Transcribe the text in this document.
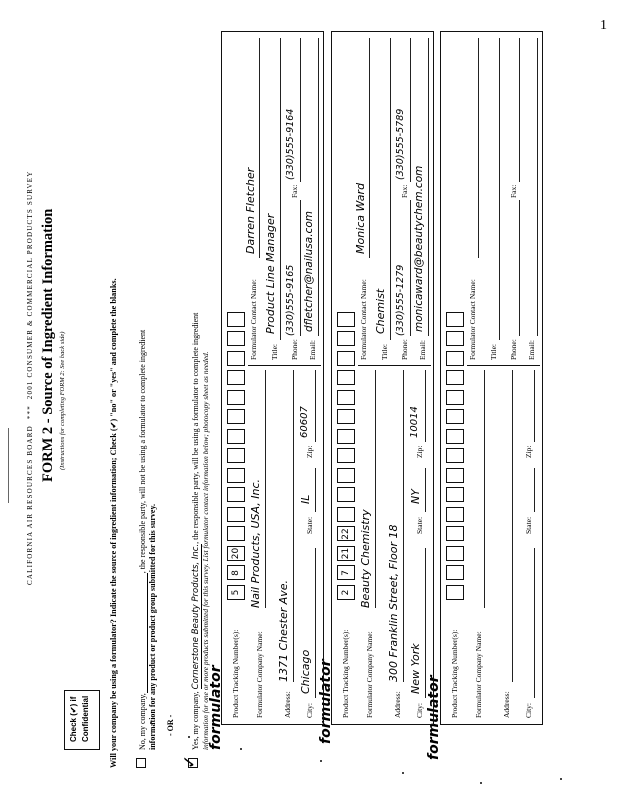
1
CALIFORNIA AIR RESOURCES BOARD  ***  2001 CONSUMER & COMMERCIAL PRODUCTS SURVEY FORM 2 - Source of Ingredient Information (Instructions for completing FORM 2: See back side)
Check (✔) if Confidential Will your company be using a formulator? Indicate the source of ingredient information; Check (✔) "no" or "yes" and complete the blanks.	No, my company, , the responsible party, will not be using a formulator to complete ingredient
information for any product or product group submitted for this survey. - OR -
✓
Yes, my company, Cornerstone Beauty Products, Inc., the responsible party, will be using a formulator to complete ingredient information for one or more products submitted for this survey. List formulator contact information below; photocopy sheet as needed.
formulator	formulator	formulator
Product Tracking Number(s):
5
8
20
Formulator Company Name:
Nail Products, USA, Inc.
Address:
1371 Chester Ave.
City:
Chicago
State:
IL
Zip:
60607
Formulator Contact Name:
Darren Fletcher
Title:
Product Line Manager
Phone:
(330)555-9165
Fax:
(330)555-9164
Email:
dfletcher@nailusa.com
Product Tracking Number(s):
2
7
21
22
Formulator Company Name:
Beauty Chemistry
Address:
300 Franklin Street, Floor 18
City:
New York
State:
NY
Zip:
10014
Formulator Contact Name:
Monica Ward
Title:
Chemist
Phone:
(330)555-1279
Fax:
(330)555-5789
Email:
monicaward@beautychem.com
Product Tracking Number(s): Formulator Company Name:	Address: City:
State:
Zip:
Formulator Contact Name: Title: Phone:
Fax:
Email:
